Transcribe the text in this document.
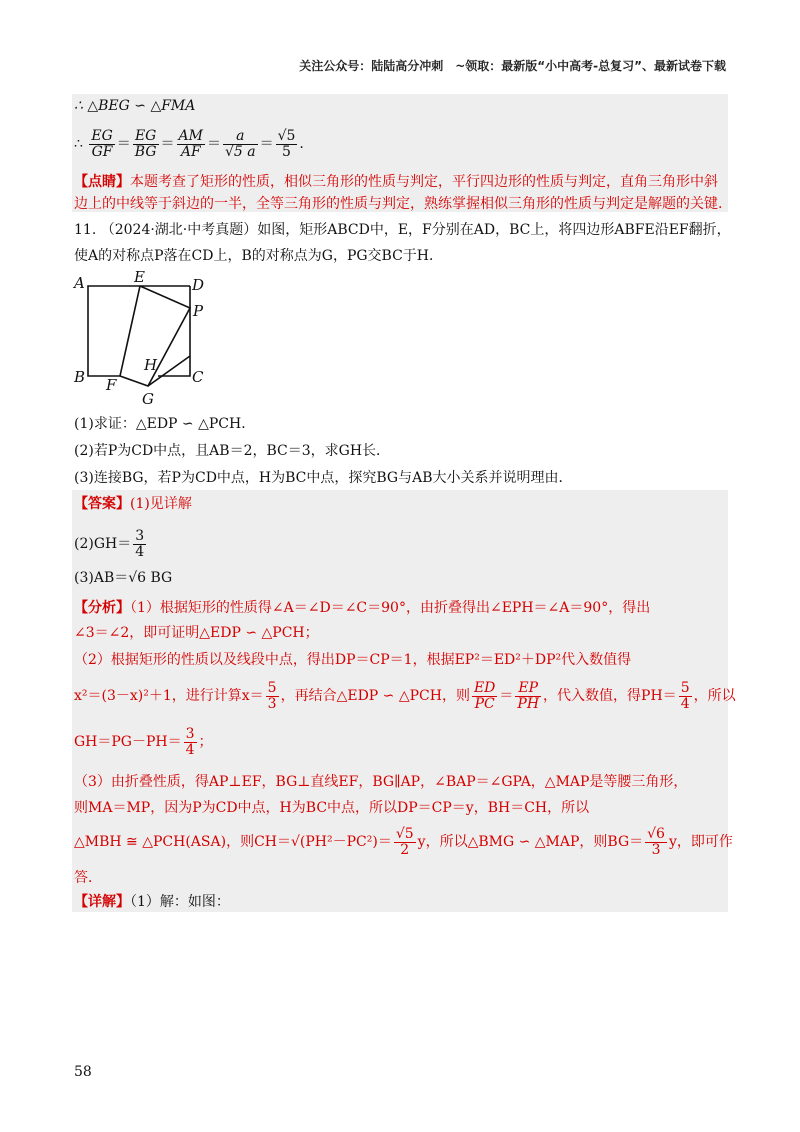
关注公众号：陆陆高分冲刺　~领取：最新版“小中高考-总复习”、最新试卷下载
∴ △BEG ∽ △FMA
∴ $\frac{EG}{GF} = \frac{EG}{BG} = \frac{AM}{AF} = \frac{a}{√5 a} = \frac{√5}{5}$ .
【点睛】本题考查了矩形的性质，相似三角形的性质与判定，平行四边形的性质与判定，直角三角形中斜
边上的中线等于斜边的一半，全等三角形的性质与判定，熟练掌握相似三角形的性质与判定是解题的关键.
11. （2024·湖北·中考真题）如图，矩形ABCD中，E，F分别在AD，BC上，将四边形ABFE沿EF翻折，
使A的对称点P落在CD上，B的对称点为G，PG交BC于H．
A	E	D
P
B F
H
C
G
(1)求证：△EDP ∽ △PCH．
(2)若P为CD中点，且AB＝2，BC＝3，求GH长．
(3)连接BG，若P为CD中点，H为BC中点，探究BG与AB大小关系并说明理由．
【答案】(1)见详解
$(2)GH= \frac{3}{4}$
(3)AB＝√6 BG
【分析】（1）根据矩形的性质得∠A＝∠D＝∠C＝90°，由折叠得出∠EPH＝∠A＝90°，得出
∠3＝∠2，即可证明△EDP ∽ △PCH；
（2）根据矩形的性质以及线段中点，得出DP＝CP＝1，根据EP²＝ED²＋DP²代入数值得
x²＝(3－x)²＋1，进行计算$x= \frac{5}{3}$ ，再结合△EDP ∽ △PCH，则 $\frac{ED}{PC} = \frac{EP}{PH}$ ，代入数值，得$PH= \frac{5}{4}$ ，所以
$GH=PG-PH= \frac{3}{4}$ ；
（3）由折叠性质，得AP⊥EF，BG⊥直线EF，BG∥AP，∠BAP＝∠GPA，△MAP是等腰三角形，
则MA＝MP，因为P为CD中点，H为BC中点，所以DP＝CP＝y，BH＝CH，所以
△MBH ≅ △PCH(ASA)，则$CH=√(PH^2-PC^2)= \frac{√5}{2}$ y，所以△BMG ∽ △MAP，则$BG= \frac{√6}{3}$ y，即可作
答．
【详解】（1）解：如图：
58
